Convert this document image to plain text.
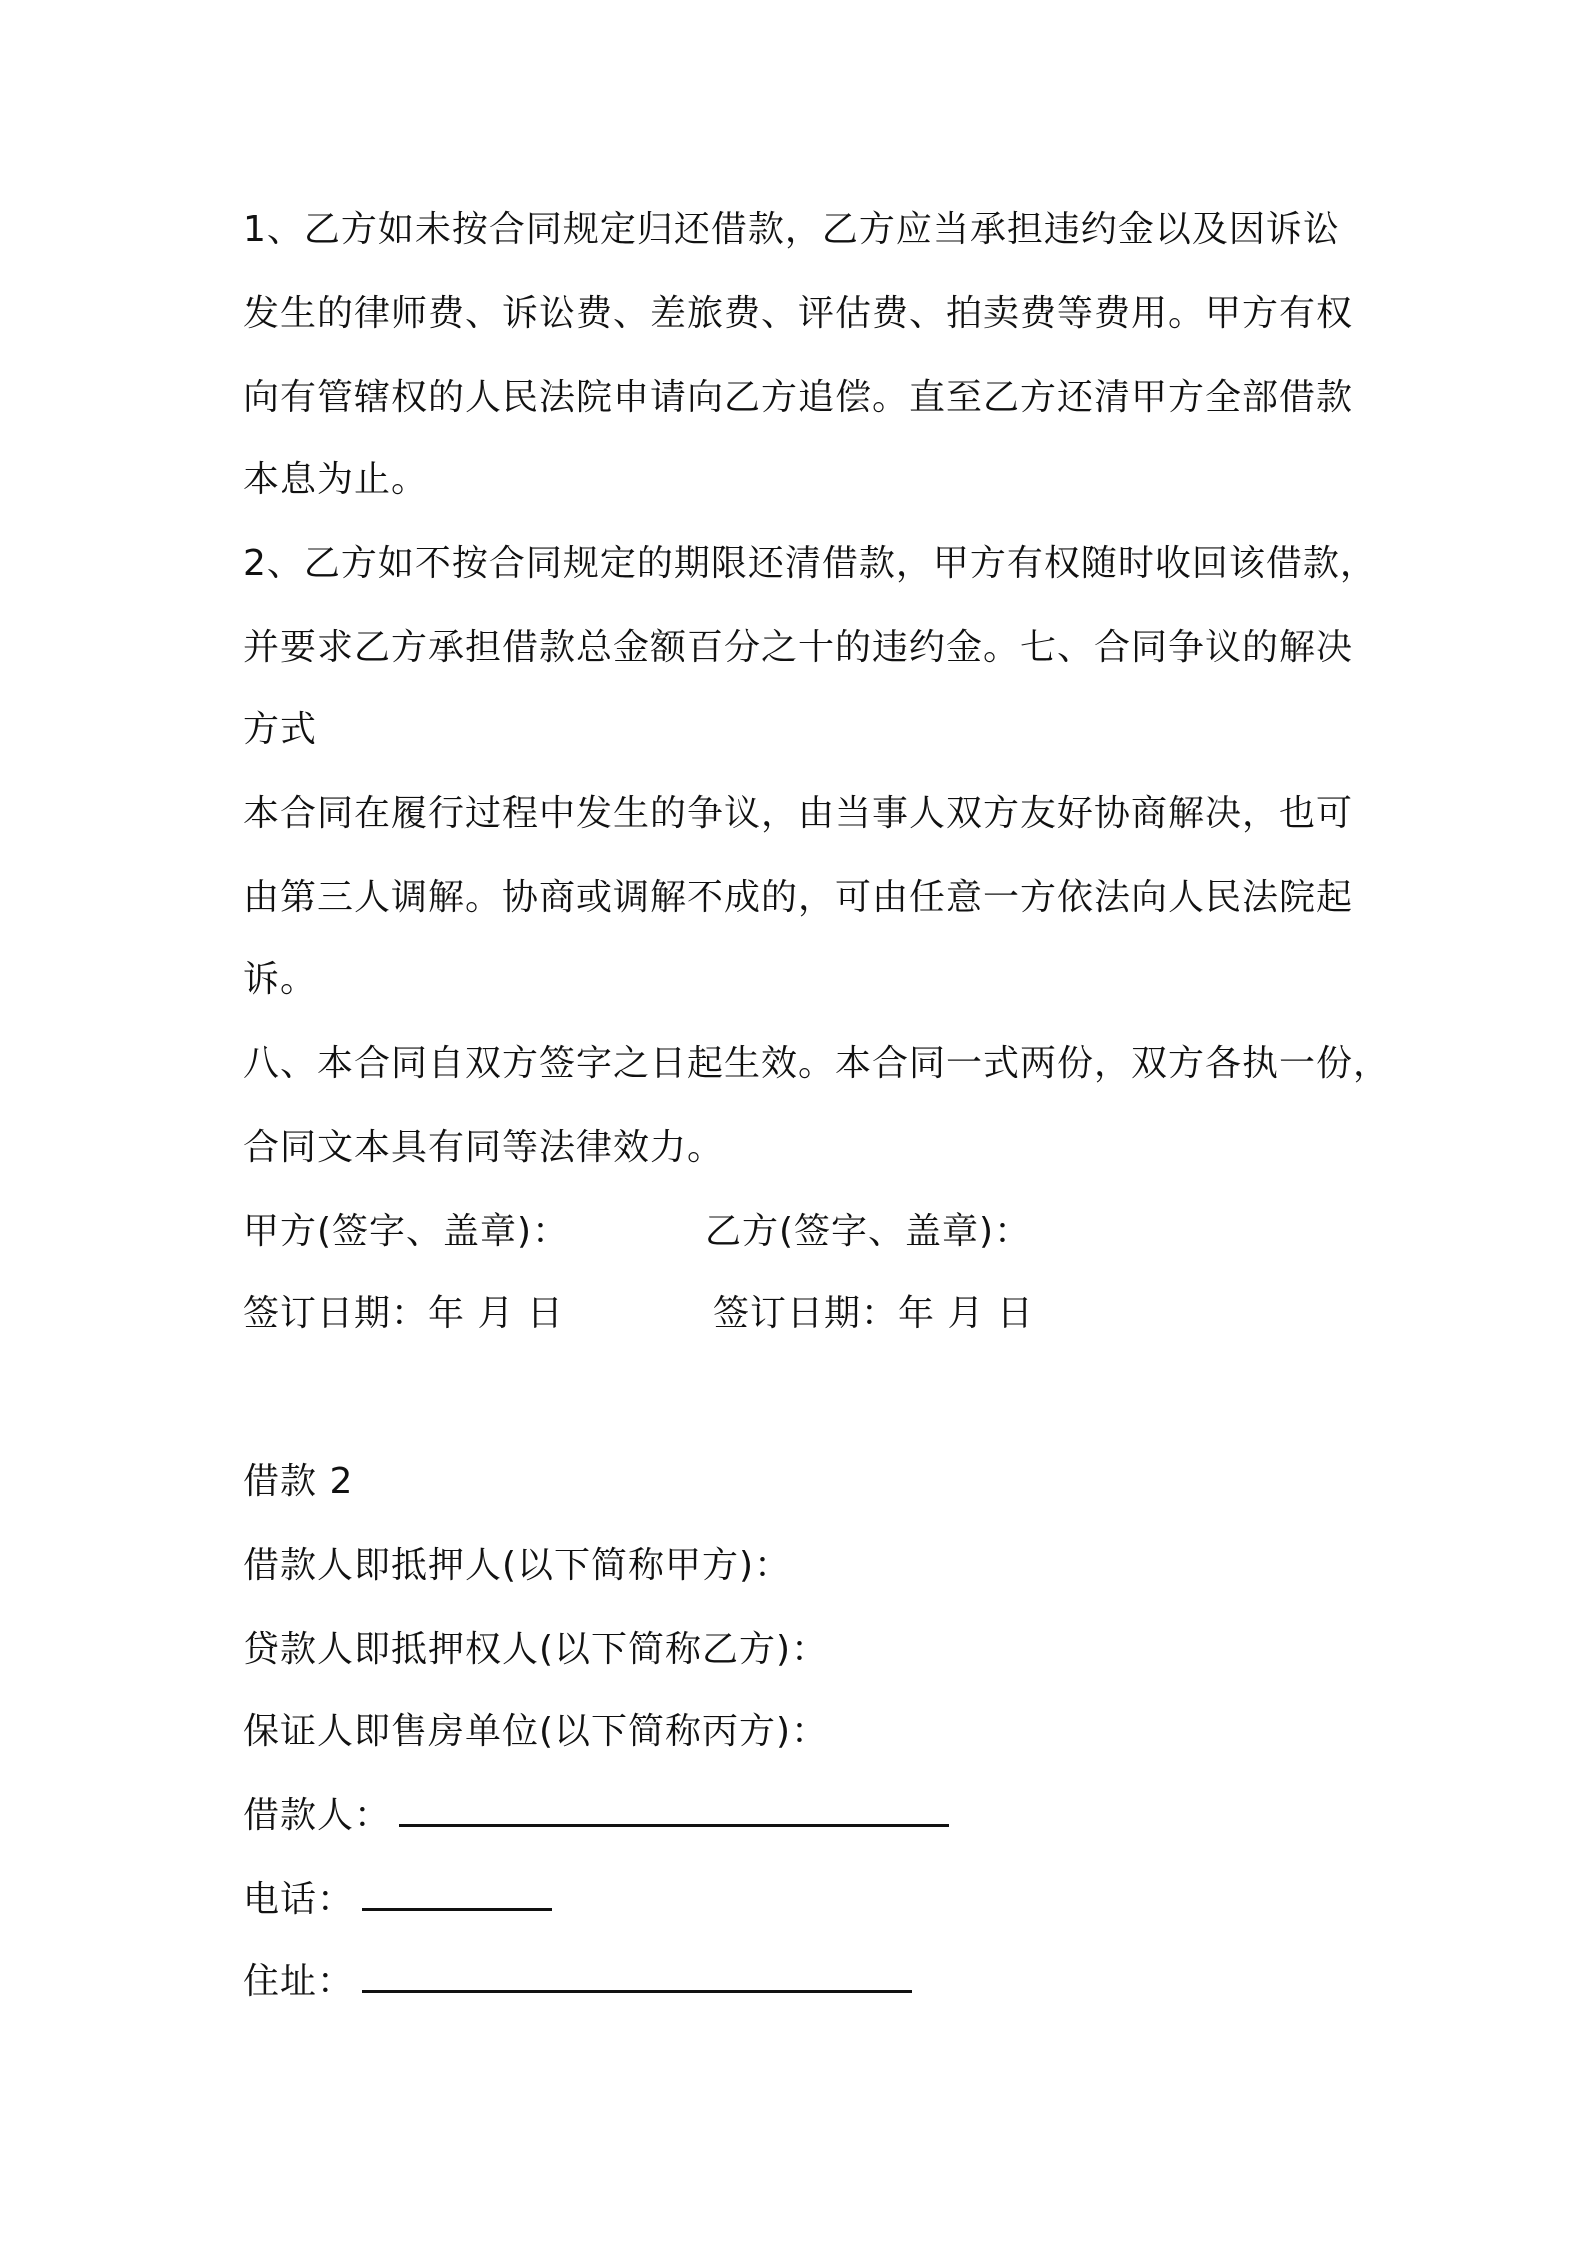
1、乙方如未按合同规定归还借款，乙方应当承担违约金以及因诉讼
发生的律师费、诉讼费、差旅费、评估费、拍卖费等费用。甲方有权
向有管辖权的人民法院申请向乙方追偿。直至乙方还清甲方全部借款
本息为止。
2、乙方如不按合同规定的期限还清借款，甲方有权随时收回该借款，
并要求乙方承担借款总金额百分之十的违约金。七、合同争议的解决
方式
本合同在履行过程中发生的争议，由当事人双方友好协商解决，也可
由第三人调解。协商或调解不成的，可由任意一方依法向人民法院起
诉。
八、本合同自双方签字之日起生效。本合同一式两份，双方各执一份，
合同文本具有同等法律效力。
甲方(签字、盖章)：	乙方(签字、盖章)：
签订日期：年 月 日	签订日期：年 月 日
借款 2
借款人即抵押人(以下简称甲方)：
贷款人即抵押权人(以下简称乙方)：
保证人即售房单位(以下简称丙方)：
借款人：
电话：
住址：
